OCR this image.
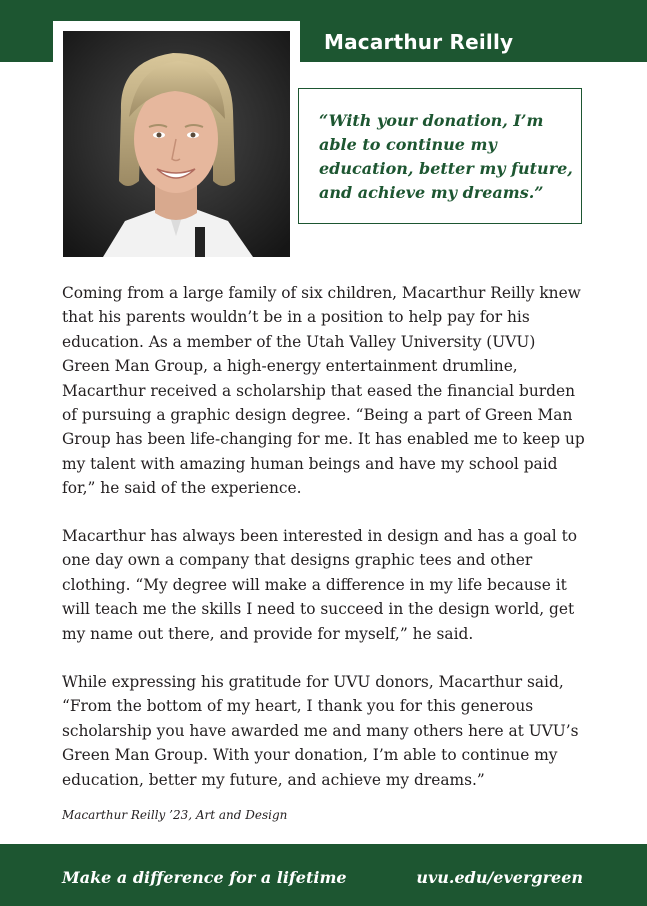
Macarthur Reilly
“With your donation, I’m able to continue my education, better my future, and achieve my dreams.”
Coming from a large family of six children, Macarthur Reilly knew that his parents wouldn’t be in a position to help pay for his education. As a member of the Utah Valley University (UVU) Green Man Group, a high-energy entertainment drumline, Macarthur received a scholarship that eased the financial burden of pursuing a graphic design degree. “Being a part of Green Man Group has been life-changing for me. It has enabled me to keep up my talent with amazing human beings and have my school paid for,” he said of the experience.
Macarthur has always been interested in design and has a goal to one day own a company that designs graphic tees and other clothing. “My degree will make a difference in my life because it will teach me the skills I need to succeed in the design world, get my name out there, and provide for myself,” he said.
While expressing his gratitude for UVU donors, Macarthur said, “From the bottom of my heart, I thank you for this generous scholarship you have awarded me and many others here at UVU’s Green Man Group. With your donation, I’m able to continue my education, better my future, and achieve my dreams.”
Macarthur Reilly ’23, Art and Design
Make a difference for a lifetime	uvu.edu/evergreen
